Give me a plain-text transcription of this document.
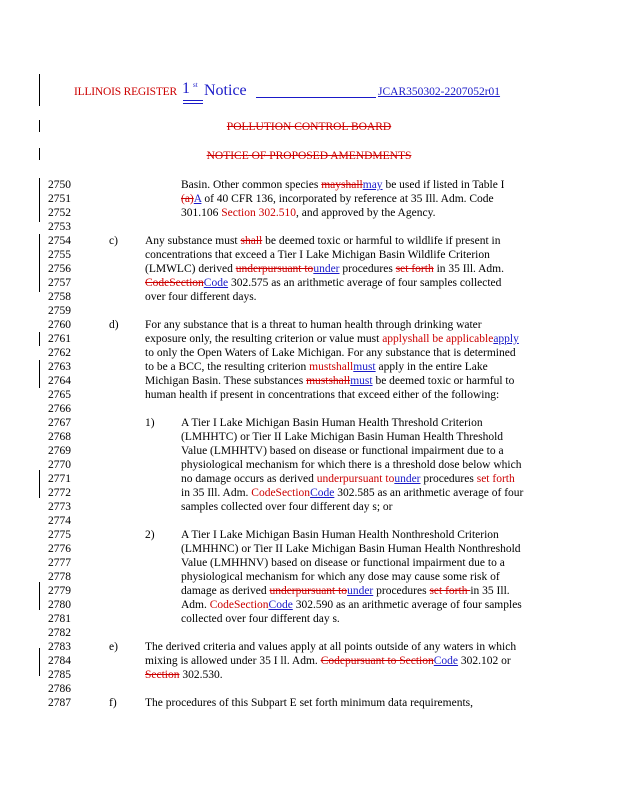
ILLINOIS REGISTER 1 st Notice	JCAR350302-2207052r01
POLLUTION CONTROL BOARD
NOTICE OF PROPOSED AMENDMENTS
2750
2751
2752
2753
2754
2755
2756
2757
2758
2759
2760
2761
2762
2763
2764
2765
2766
2767
2768
2769
2770
2771
2772
2773
2774
2775
2776
2777
2778
2779
2780
2781
2782
2783
2784
2785
2786
2787
c)
d)
1)
2)
e)
f)
Basin. Other common species mayshallmay be used if listed in Table I
(a)A of 40 CFR 136, incorporated by reference at 35 Ill. Adm. Code
301.106 Section 302.510, and approved by the Agency.
Any substance must shall be deemed toxic or harmful to wildlife if present in
concentrations that exceed a Tier I Lake Michigan Basin Wildlife Criterion
(LMWLC) derived underpursuant tounder procedures set forth in 35 Ill. Adm.
CodeSectionCode 302.575 as an arithmetic average of four samples collected
over four different days.
For any substance that is a threat to human health through drinking water
exposure only, the resulting criterion or value must applyshall be applicableapply
to only the Open Waters of Lake Michigan. For any substance that is determined
to be a BCC, the resulting criterion mustshallmust apply in the entire Lake
Michigan Basin. These substances mustshallmust be deemed toxic or harmful to
human health if present in concentrations that exceed either of the following:
A Tier I Lake Michigan Basin Human Health Threshold Criterion
(LMHHTC) or Tier II Lake Michigan Basin Human Health Threshold
Value (LMHHTV) based on disease or functional impairment due to a
physiological mechanism for which there is a threshold dose below which
no damage occurs as derived underpursuant tounder procedures set forth
in 35 Ill. Adm. CodeSectionCode 302.585 as an arithmetic average of four
samples collected over four different day s; or
A Tier I Lake Michigan Basin Human Health Nonthreshold Criterion
(LMHHNC) or Tier II Lake Michigan Basin Human Health Nonthreshold
Value (LMHHNV) based on disease or functional impairment due to a
physiological mechanism for which any dose may cause some risk of
damage as derived underpursuant tounder procedures set forth in 35 Ill.
Adm. CodeSectionCode 302.590 as an arithmetic average of four samples
collected over four different day s.
The derived criteria and values apply at all points outside of any waters in which
mixing is allowed under 35 I ll. Adm. Codepursuant to SectionCode 302.102 or
Section 302.530.
The procedures of this Subpart E set forth minimum data requirements,
